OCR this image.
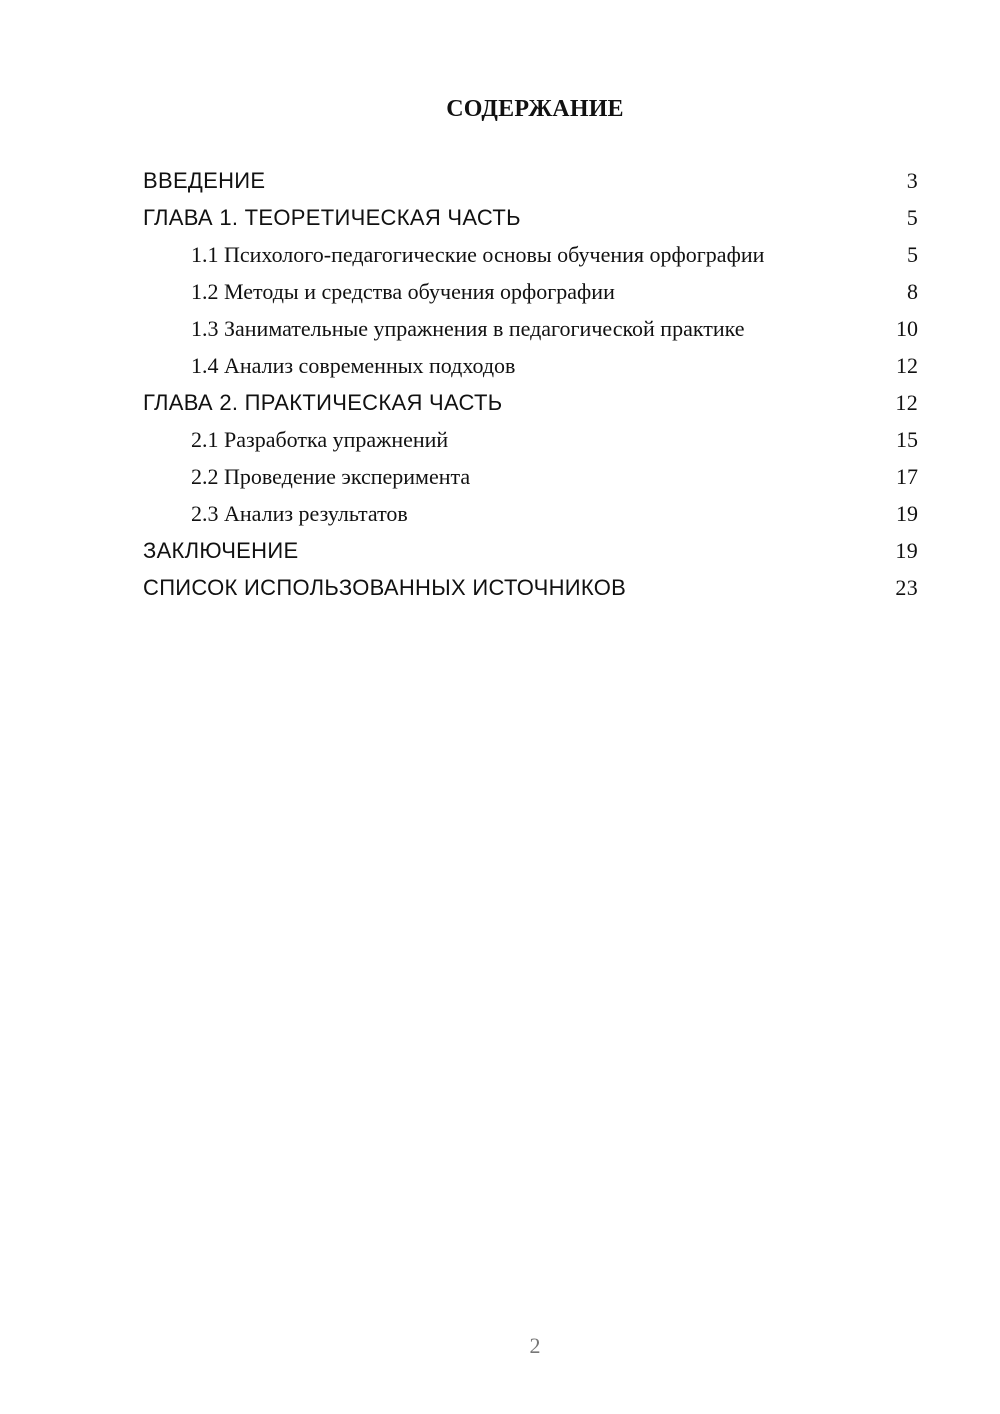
СОДЕРЖАНИЕ
ВВЕДЕНИЕ	3
ГЛАВА 1. ТЕОРЕТИЧЕСКАЯ ЧАСТЬ	5
1.1 Психолого-педагогические основы обучения орфографии	5
1.2 Методы и средства обучения орфографии	8
1.3 Занимательные упражнения в педагогической практике	10
1.4 Анализ современных подходов	12
ГЛАВА 2. ПРАКТИЧЕСКАЯ ЧАСТЬ	12
2.1 Разработка упражнений	15
2.2 Проведение эксперимента	17
2.3 Анализ результатов	19
ЗАКЛЮЧЕНИЕ	19
СПИСОК ИСПОЛЬЗОВАННЫХ ИСТОЧНИКОВ	23
2
